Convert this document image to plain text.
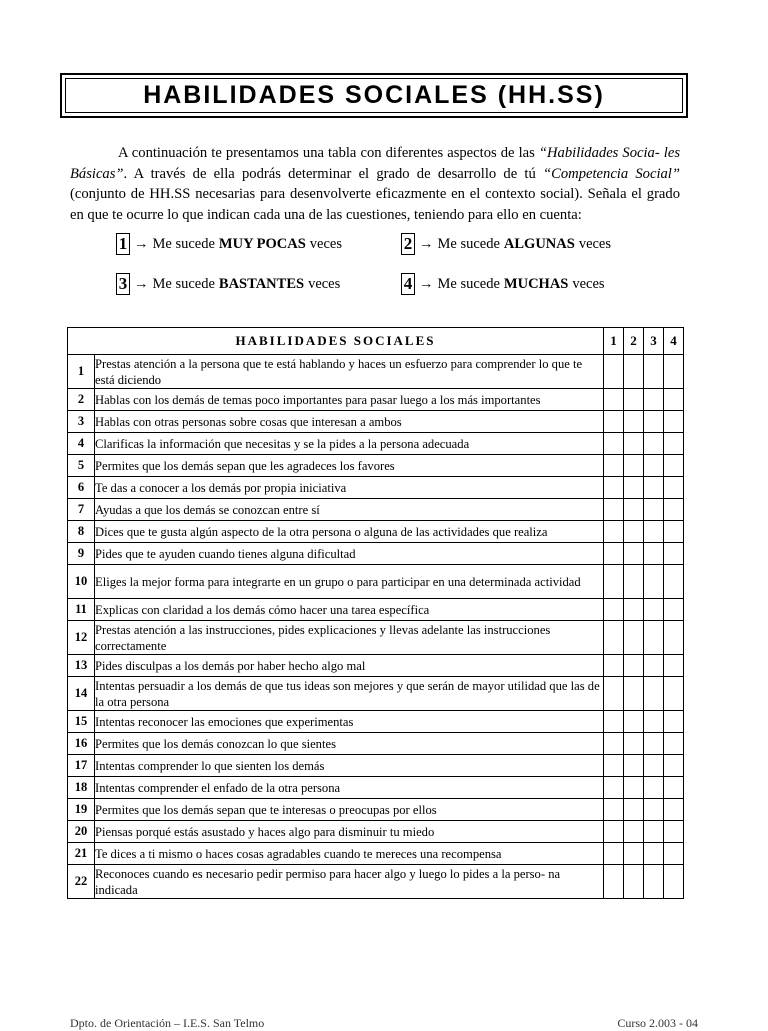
HABILIDADES SOCIALES (HH.SS)

A continuación te presentamos una tabla con diferentes aspectos de las “Habilidades Socia- les Básicas”. A través de ella podrás determinar el grado de desarrollo de tú “Competencia Social” (conjunto de HH.SS necesarias para desenvolverte eficazmente en el contexto social). Señala el grado en que te ocurre lo que indican cada una de las cuestiones, teniendo para ello en cuenta:

1 → Me sucede MUY POCAS veces	2 → Me sucede ALGUNAS veces
3 → Me sucede BASTANTES veces	4 → Me sucede MUCHAS veces
HABILIDADES SOCIALES		1	2	3	4
1	Prestas atención a la persona que te está hablando y haces un esfuerzo para comprender lo que te está diciendo				
2	Hablas con los demás de temas poco importantes para pasar luego a los más importantes				
3	Hablas con otras personas sobre cosas que interesan a ambos				
4	Clarificas la información que necesitas y se la pides a la persona adecuada				
5	Permites que los demás sepan que les agradeces los favores				
6	Te das a conocer a los demás por propia iniciativa				
7	Ayudas a que los demás se conozcan entre sí				
8	Dices que te gusta algún aspecto de la otra persona o alguna de las actividades que realiza				
9	Pides que te ayuden cuando tienes alguna dificultad				
10	Eliges la mejor forma para integrarte en un grupo o para participar en una determinada actividad				
11	Explicas con claridad a los demás cómo hacer una tarea específica				
12	Prestas atención a las instrucciones, pides explicaciones y llevas adelante las instrucciones correctamente				
13	Pides disculpas a los demás por haber hecho algo mal				
14	Intentas persuadir a los demás de que tus ideas son mejores y que serán de mayor utilidad que las de la otra persona				
15	Intentas reconocer las emociones que experimentas				
16	Permites que los demás conozcan lo que sientes				
17	Intentas comprender lo que sienten los demás				
18	Intentas comprender el enfado de la otra persona				
19	Permites que los demás sepan que te interesas o preocupas por ellos				
20	Piensas porqué estás asustado y haces algo para disminuir tu miedo				
21	Te dices a ti mismo o haces cosas agradables cuando te mereces una recompensa				
22	Reconoces cuando es necesario pedir permiso para hacer algo y luego lo pides a la perso- na indicada				
Dpto. de Orientación – I.E.S. San Telmo	Curso 2.003 - 04
